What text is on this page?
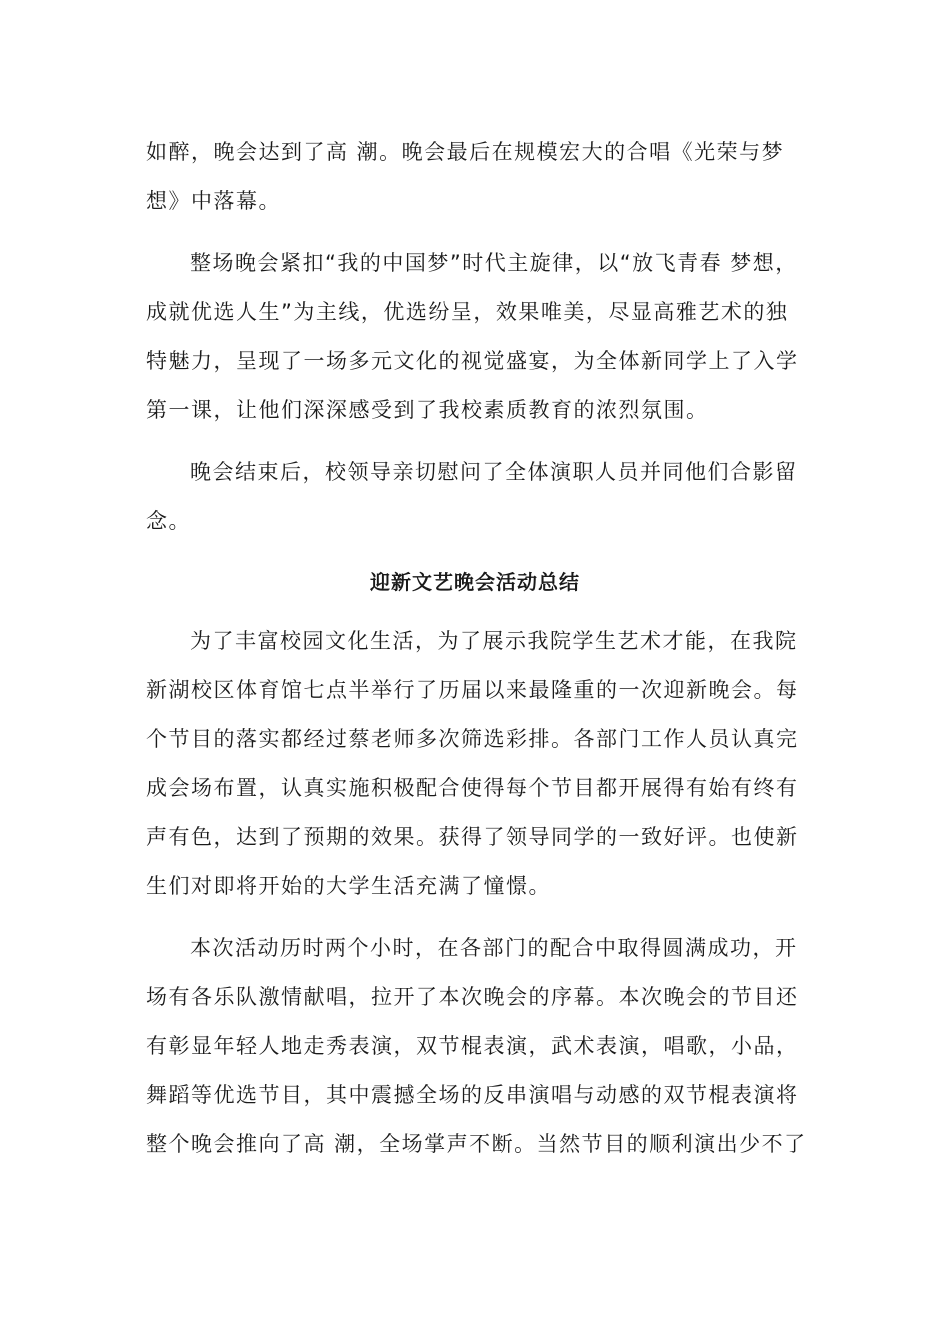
如醉，晚会达到了高 潮。晚会最后在规模宏大的合唱《光荣与梦
想》中落幕。
整场晚会紧扣“我的中国梦”时代主旋律，以“放飞青春 梦想，
成就优选人生”为主线，优选纷呈，效果唯美，尽显高雅艺术的独
特魅力，呈现了一场多元文化的视觉盛宴，为全体新同学上了入学
第一课，让他们深深感受到了我校素质教育的浓烈氛围。
晚会结束后，校领导亲切慰问了全体演职人员并同他们合影留
念。
迎新文艺晚会活动总结
为了丰富校园文化生活，为了展示我院学生艺术才能，在我院
新湖校区体育馆七点半举行了历届以来最隆重的一次迎新晚会。每
个节目的落实都经过蔡老师多次筛选彩排。各部门工作人员认真完
成会场布置，认真实施积极配合使得每个节目都开展得有始有终有
声有色，达到了预期的效果。获得了领导同学的一致好评。也使新
生们对即将开始的大学生活充满了憧憬。
本次活动历时两个小时，在各部门的配合中取得圆满成功，开
场有各乐队激情献唱，拉开了本次晚会的序幕。本次晚会的节目还
有彰显年轻人地走秀表演，双节棍表演，武术表演，唱歌，小品，
舞蹈等优选节目，其中震撼全场的反串演唱与动感的双节棍表演将
整个晚会推向了高 潮，全场掌声不断。当然节目的顺利演出少不了
